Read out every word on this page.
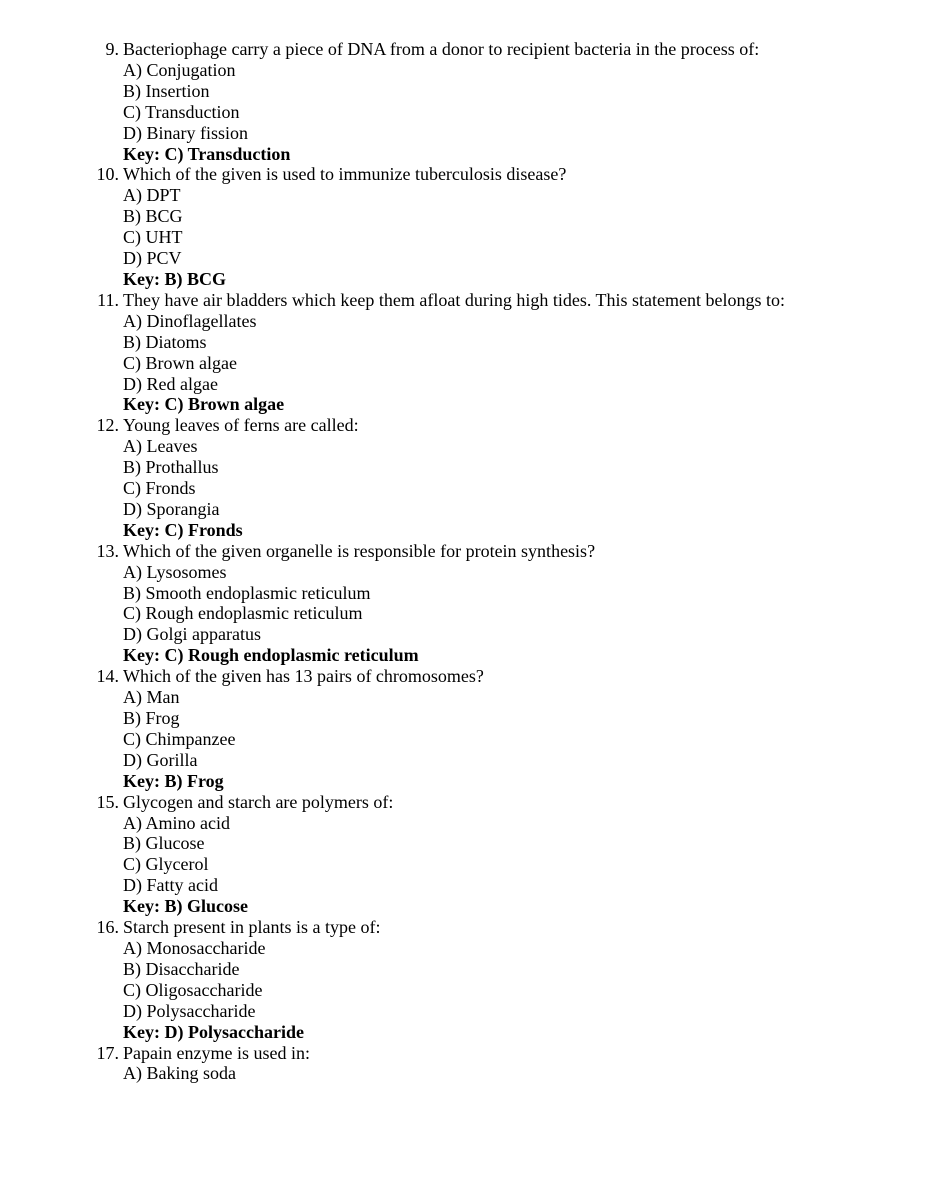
9. Bacteriophage carry a piece of DNA from a donor to recipient bacteria in the process of:
A) Conjugation
B) Insertion
C) Transduction
D) Binary fission
Key: C) Transduction
10. Which of the given is used to immunize tuberculosis disease?
A) DPT
B) BCG
C) UHT
D) PCV
Key: B) BCG
11. They have air bladders which keep them afloat during high tides. This statement belongs to:
A) Dinoflagellates
B) Diatoms
C) Brown algae
D) Red algae
Key: C) Brown algae
12. Young leaves of ferns are called:
A) Leaves
B) Prothallus
C) Fronds
D) Sporangia
Key: C) Fronds
13. Which of the given organelle is responsible for protein synthesis?
A) Lysosomes
B) Smooth endoplasmic reticulum
C) Rough endoplasmic reticulum
D) Golgi apparatus
Key: C) Rough endoplasmic reticulum
14. Which of the given has 13 pairs of chromosomes?
A) Man
B) Frog
C) Chimpanzee
D) Gorilla
Key: B) Frog
15. Glycogen and starch are polymers of:
A) Amino acid
B) Glucose
C) Glycerol
D) Fatty acid
Key: B) Glucose
16. Starch present in plants is a type of:
A) Monosaccharide
B) Disaccharide
C) Oligosaccharide
D) Polysaccharide
Key: D) Polysaccharide
17. Papain enzyme is used in:
A) Baking soda
